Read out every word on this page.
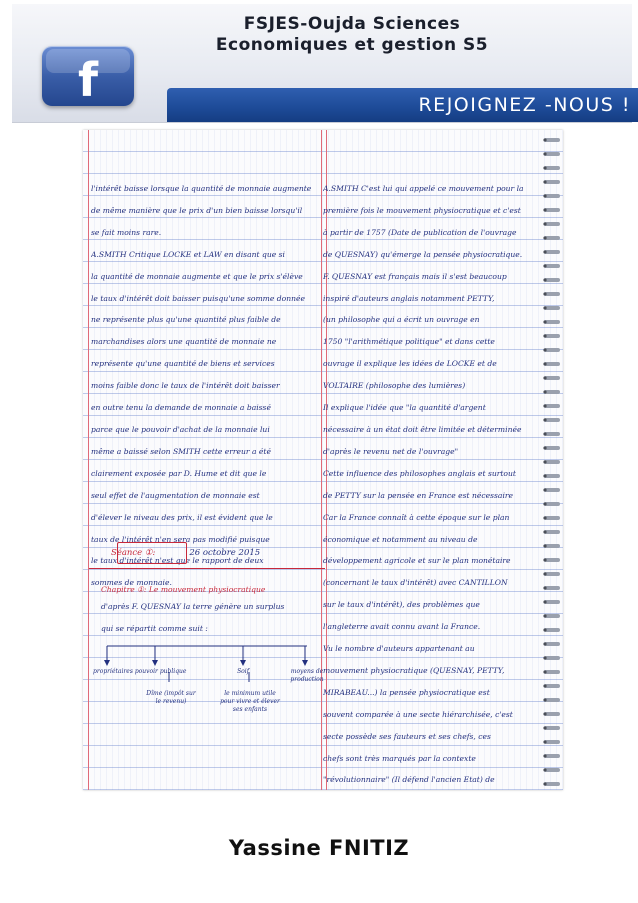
FSJES-Oujda Sciences
Economiques et gestion S5
f	REJOIGNEZ -NOUS !
l'intérêt baisse lorsque la quantité de monnaie augmente
de même manière que le prix d'un bien baisse lorsqu'il
se fait moins rare.
A.SMITH Critique LOCKE et LAW en disant que si
la quantité de monnaie augmente et que le prix s'élève
le taux d'intérêt doit baisser puisqu'une somme donnée
ne représente plus qu'une quantité plus faible de
marchandises alors une quantité de monnaie ne
représente qu'une quantité de biens et services
moins faible donc le taux de l'intérêt doit baisser
en outre tenu la demande de monnaie a baissé
parce que le pouvoir d'achat de la monnaie lui
même a baissé selon SMITH cette erreur a été
clairement exposée par D. Hume et dit que le
seul effet de l'augmentation de monnaie est
d'élever le niveau des prix, il est évident que le
taux de l'intérêt n'en sera pas modifié puisque
le taux d'intérêt n'est que le rapport de deux
sommes de monnaie.
A.SMITH C'est lui qui appelé ce mouvement pour la
première fois le mouvement physiocratique et c'est
à partir de 1757 (Date de publication de l'ouvrage
de QUESNAY) qu'émerge la pensée physiocratique.
F. QUESNAY est français mais il s'est beaucoup
inspiré d'auteurs anglais notamment PETTY,
(un philosophe qui a écrit un ouvrage en
1750 "l'arithmétique politique" et dans cette
ouvrage il explique les idées de LOCKE et de
VOLTAIRE (philosophe des lumières)
Il explique l'idée que "la quantité d'argent
nécessaire à un état doit être limitée et déterminée
d'après le revenu net de l'ouvrage"
Cette influence des philosophes anglais et surtout
de PETTY sur la pensée en France est nécessaire
Car la France connaît à cette époque sur le plan
économique et notamment au niveau de
développement agricole et sur le plan monétaire
(concernant le taux d'intérêt) avec CANTILLON
sur le taux d'intérêt), des problèmes que
l'angleterre avait connu avant la France.
Vu le nombre d'auteurs appartenant au
mouvement physiocratique (QUESNAY, PETTY,
MIRABEAU...) la pensée physiocratique est
souvent comparée à une secte hiérarchisée, c'est
secte possède ses fauteurs et ses chefs, ces
chefs sont très marqués par la contexte
"révolutionnaire" (Il défend l'ancien Etat) de
Séance ①:	26 octobre 2015
Chapitre ①: Le mouvement physiocratique
d'après F. QUESNAY la terre génère un surplus
qui se répartit comme suit :
propriétaires pouvoir publique
Dîme (impôt sur
le revenu)
Soif
le minimum utile
pour vivre et élever
ses enfants
moyens de
production
Yassine FNITIZ
